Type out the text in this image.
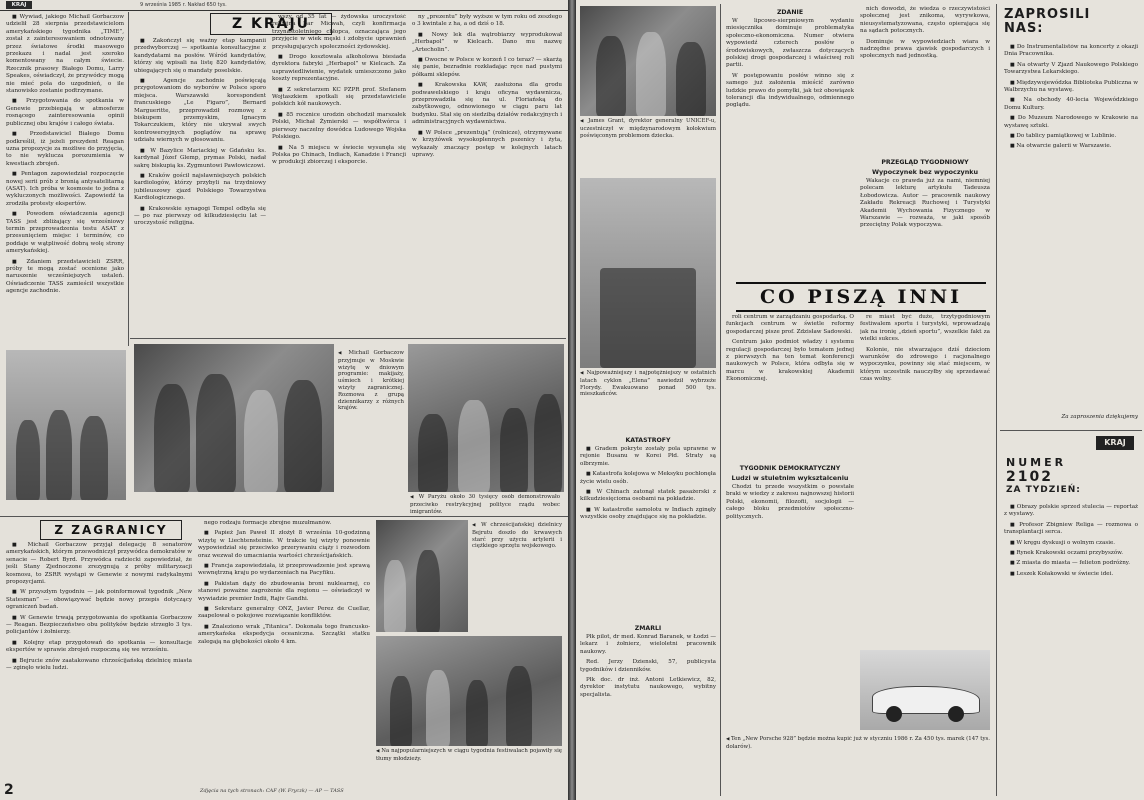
KRAJ	9 września 1985 r. Nakład 650 tys.

■ Wywiad, jakiego Michail Gorbaczow udzielił 28 sierpnia przedstawicielom amerykańskiego tygodnika „TIME”, został z zainteresowaniem odnotowany przez światowe środki masowego przekazu i nadal jest szeroko komentowany na całym świecie. Rzecznik prasowy Białego Domu, Larry Speakes, oświadczył, że przywódcy mogą nie mieć pola do uzgodnień, o ile stanowisko zostanie podtrzymane.

■ Przygotowania do spotkania w Genewie przebiegają w atmosferze rosnącego zainteresowania opinii publicznej obu krajów i całego świata.

■ Przedstawiciel Białego Domu podkreślił, iż jeżeli prezydent Reagan uzna propozycje za możliwe do przyjęcia, to nie wyklucza porozumienia w kwestiach zbrojeń.

■ Pentagon zapowiedział rozpoczęcie nowej serii prób z bronią antysatelitarną (ASAT). Ich próba w kosmosie to jedna z wykluczonych możliwości. Zapowiedź ta zrodziła protesty ekspertów.

■ Powodem oświadczenia agencji TASS jest zbliżający się wrześniowy termin przeprowadzenia testu ASAT z przesunięciem miejsc i terminów, co poddaje w wątpliwość dobrą wolę strony amerykańskiej.

■ Zdaniem przedstawicieli ZSRR, próby te mogą zostać ocenione jako naruszenie wcześniejszych ustaleń. Oświadczenie TASS zamieścił wszystkie agencje zachodnie.

Z KRAJU

■ Zakończył się ważny etap kampanii przedwyborczej — spotkania konsultacyjne z kandydatami na posłów. Wśród kandydatów, którzy się wpisali na listę 820 kandydatów, ubiegających się o mandaty poselskie.

■ Agencje zachodnie poświęcają przygotowaniom do wyborów w Polsce sporo miejsca. Warszawski korespondent francuskiego „Le Figaro”, Bernard Margueritte, przeprowadził rozmowę z biskupem przemyskim, Ignacym Tokarczukiem, który nie ukrywał swych kontrowersyjnych poglądów na sprawę udziału wiernych w głosowaniu.

■ W Bazylice Mariackiej w Gdańsku ks. kardynał Józef Glemp, prymas Polski, nadał sakrę biskupią ks. Zygmuntowi Pawłowiczowi.

■ Kraków gościł najsławniejszych polskich kardiologów, którzy przybyli na trzydniowy jubileuszowy zjazd Polskiego Towarzystwa Kardiologicznego.

■ Krakowskie synagogi Tempel odbyła się — po raz pierwszy od kilkudziesięciu lat — uroczystość religijna.

wszy od 35 lat — żydowska uroczystość religijna Bar Micwah, czyli konfirmacja trzynastoletniego chłopca, oznaczająca jego przyjęcie w wiek męski i zdobycie uprawnień przysługujących społeczności żydowskiej.

■ Drogo kosztowała alkoholowa biesiada dyrektora fabryki „Herbapol” w Kielcach. Za usprawiedliwienie, wydatek umieszczono jako koszty reprezentacyjne.

■ Z sekretarzem KC PZPR prof. Stefanem Wojtaszkiem spotkali się przedstawiciele polskich kół naukowych.

■ 85 rocznice urodzin obchodził marszałek Polski, Michał Żymierski — współtwórca i pierwszy naczelny dowódca Ludowego Wojska Polskiego.

■ Na 5 miejscu w świecie wysunęła się Polska po Chinach, Indiach, Kanadzie i Francji w produkcji zbiorczej i eksporcie.

ny „prezentu” były wyższe w tym roku od zeszłego o 3 kwintale z ha, a od dziś o 18.

■ Nowy lek dla wątrobiarzy wyprodukował „Herbapol” w Kielcach. Dano mu nazwę „Artecholin”.

■ Owocne w Polsce w korzeń I co teraz? — skarżą się panie, bezradnie rozkładając ręce nad pustymi półkami sklepów.

■ Krakowska KAW, zasłużona dla grodu podwawelskiego i kraju oficyna wydawnicza, przeprowadziła się na ul. Floriańską do zabytkowego, odnowionego w ciągu paru lat budynku. Stał się on siedzibą działów redakcyjnych i administracyjnych wydawnictwa.

■ W Polsce „prezentują” (rolnicze), otrzymywane w krzyżówek wysokoplennych pszenicy i żyta, wykazały znaczący postęp w kolejnych latach uprawy.

◀ Michail Gorbaczow przyjmuje w Moskwie wizytę w dniowym programie: makijaży, uśmiech i krótkiej wizyty zagranicznej. Rozmowa z grupą dziennikarzy z różnych krajów.
◀ W Paryżu około 30 tysięcy osób demonstrowało przeciwko restrykcyjnej polityce rządu wobec imigrantów.
Z ZAGRANICY

■ Michail Gorbaczow przyjął delegację 8 senatorów amerykańskich, którym przewodniczył przywódca demokratów w senacie — Robert Byrd. Przywódca radziecki zapowiedział, że jeśli Stany Zjednoczone zrezygnują z próby militaryzacji kosmosu, to ZSRR wystąpi w Genewie z nowymi radykalnymi propozycjami.

■ W przyszłym tygodniu — jak poinformował tygodnik „New Statesman” — obowiązywać będzie nowy przepis dotyczący ograniczeń badań.

■ W Genewie trwają przygotowania do spotkania Gorbaczow — Reagan. Bezpieczeństwo obu polityków będzie strzegło 3 tys. policjantów i żołnierzy.

■ Kolejny etap przygotowań do spotkania — konsultacje ekspertów w sprawie zbrojeń rozpoczną się we wrześniu.

■ Bejrucie znów zaatakowano chrześcijańską dzielnicę miasta — zginęło wielu ludzi.

nego rodzaju formacje zbrojne muzułmanów.

■ Papież Jan Paweł II złożył 8 września 10-godzinną wizytę w Liechtensteinie. W trakcie tej wizyty ponownie wypowiedział się przeciwko przerywaniu ciąży i rozwodom oraz wezwał do umacniania wartości chrześcijańskich.

■ Francja zapowiedziała, iż przeprowadzenie jest sprawą wewnętrzną kraju po wydarzeniach na Pacyfiku.

■ Pakistan dąży do zbudowania broni nuklearnej, co stanowi poważne zagrożenie dla regionu — oświadczył w wywiadzie premier Indii, Rajiv Gandhi.

■ Sekretarz generalny ONZ, Javier Perez de Cuellar, zaapelował o pokojowe rozwiązanie konfliktów.

■ Znaleziono wrak „Titanica”. Dokonała tego francusko-amerykańska ekspedycja oceaniczna. Szczątki statku zalegają na głębokości około 4 km.

◀ W chrześcijańskiej dzielnicy Bejrutu doszło do krwawych starć przy użyciu artylerii i ciężkiego sprzętu wojskowego.
◀ Na najpopularniejszych w ciągu tygodnia festiwalach pojawiły się tłumy młodzieży.
2	Zdjęcia na tych stronach: CAF (W. Fryczk) — AP — TASS
◀ James Grant, dyrektor generalny UNICEF-u, uczestniczył w międzynarodowym kolokwium poświęconym problemom dziecka.
◀ Najpoważniejszy i najpotężniejszy w ostatnich latach cyklon „Elena” nawiedził wybrzeże Florydy. Ewakuowano ponad 500 tys. mieszkańców.
KATASTROFY

■ Gradem pokryte zostały pola uprawne w rejonie Busanu w Korei Płd. Straty są olbrzymie.

■ Katastrofa kolejowa w Meksyku pochłonęła życie wielu osób.

■ W Chinach zatonął statek pasażerski z kilkudziesięcioma osobami na pokładzie.

■ W katastrofie samolotu w Indiach zginęły wszystkie osoby znajdujące się na pokładzie.

ZMARLI

Płk pilot, dr med. Konrad Baranek, w Łodzi — lekarz i żołnierz, wieloletni pracownik naukowy.

Red. Jerzy Dzienski, 57, publicysta tygodników i dzienników.

Płk doc. dr inż. Antoni Letkiewicz, 82, dyrektor instytutu naukowego, wybitny specjalista.

ZDANIE

W lipcowo-sierpniowym wydaniu miesięcznika dominuje problematyka społeczno-ekonomiczna. Numer otwiera wypowiedź czterech posłów o środowiskowych, zwłaszcza dotyczących polskiej drogi gospodarczej i właściwej roli partii.

W postępowaniu posłów winno się z samego już założenia mieścić zarówno ludzkie prawo do pomyłki, jak też obowiązek tolerancji dla indywidualnego, odmiennego poglądu.

nich dowodzi, że wiedza o rzeczywistości społecznej jest znikoma, wyrywkowa, nieusystematyzowana, często opierająca się na sądach potocznych.

Dominuje w wypowiedziach wiara w nadrzędne prawa zjawisk gospodarczych i społecznych nad jednostką.

PRZEGLĄD TYGODNIOWY
Wypoczynek bez wypoczynku

Wakacje co prawda już za nami, niemniej polecam lekturę artykułu Tadeusza Łobodowicza. Autor — pracownik naukowy Zakładu Rekreacji Ruchowej i Turystyki Akademii Wychowania Fizycznego w Warszawie — rozważa, w jaki sposób przeciętny Polak wypoczywa.

CO PISZĄ INNI

roli centrum w zarządzaniu gospodarką. O funkcjach centrum w świetle reformy gospodarczej pisze prof. Zdzisław Sadowski.

Centrum jako podmiot władzy i systemu regulacji gospodarczej było tematem jednej z pierwszych na ten temat konferencji naukowych w Polsce, która odbyła się w marcu w krakowskiej Akademii Ekonomicznej.

re miast być duże, trzytygodniowym festiwalem sportu i turystyki, wprowadzają jak na ironię „dzień sportu”, wszelkie fakt za wielki sukces.

Kolonie, nie stwarzające dziś dzieciom warunków do zdrowego i racjonalnego wypoczynku, powinny się stać miejscem, w którym uczestnik nauczyłby się sprzedawać czas wolny.

TYGODNIK DEMOKRATYCZNY
Ludzi w stuletnim wyksztalceniu

Chodzi tu przede wszystkim o powstałe braki w wiedzy z zakresu najnowszej historii Polski, ekonomii, filozofii, socjologii — całego bloku przedmiotów społeczno-politycznych.

◀ Ten „New Porsche 928” będzie można kupić już w styczniu 1986 r. Za 450 tys. marek (147 tys. dolarów).
ZAPROSILI
NAS:

■ Do Instrumentalistów na koncerty z okazji Dnia Pracownika.

■ Na otwarty V Zjazd Naukowego Polskiego Towarzystwa Lekarskiego.

■ Międzywojewódzka Biblioteka Publiczna w Wałbrzychu na wystawę.

■ Na obchody 40-lecia Wojewódzkiego Domu Kultury.

■ Do Muzeum Narodowego w Krakowie na wystawę sztuki.

■ Do tablicy pamiątkowej w Lublinie.

■ Na otwarcie galerii w Warszawie.

Za zaproszenia dziękujemy
KRAJ
NUMER
2102
ZA TYDZIEŃ:

■ Obrazy polskie sprzed stulecia — reportaż z wystawy.

■ Profesor Zbigniew Religa — rozmowa o transplantacji serca.

■ W kręgu dyskusji o wolnym czasie.

■ Rynek Krakowski oczami przybyszów.

■ Z miasta do miasta — felieton podróżny.

■ Leszek Kołakowski w świecie idei.
